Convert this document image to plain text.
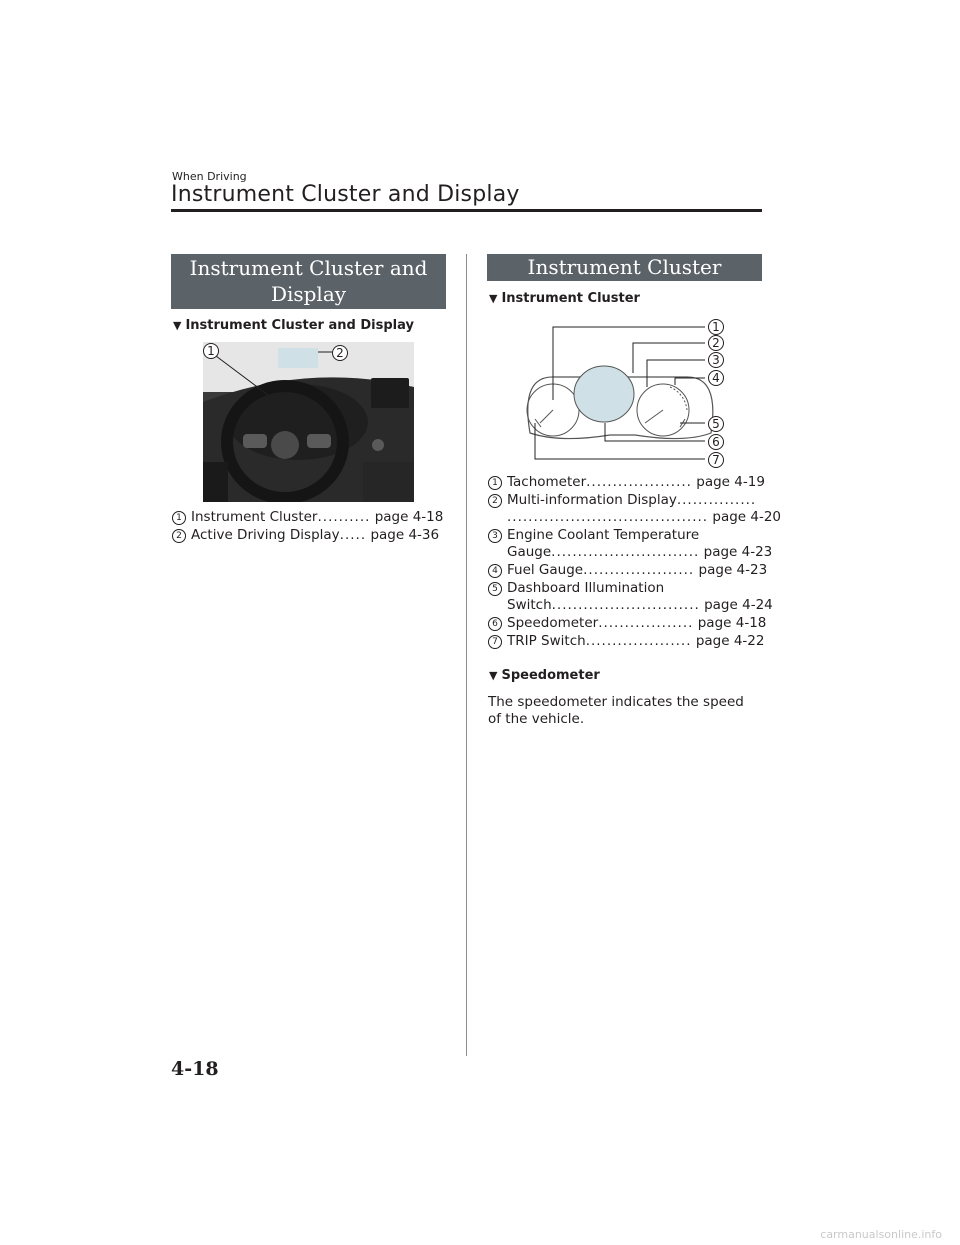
When Driving
Instrument Cluster and Display
Instrument Cluster and Display
▼ Instrument Cluster and Display
1	2
1 Instrument Cluster.......... page 4-18
2 Active Driving Display..... page 4-36
Instrument Cluster
▼ Instrument Cluster
1
2
3
4
5
6
7
1 Tachometer.................... page 4-19
2 Multi-information Display...............
...................................... page 4-20
3 Engine Coolant Temperature
Gauge............................ page 4-23
4 Fuel Gauge..................... page 4-23
5 Dashboard Illumination
Switch............................ page 4-24
6 Speedometer.................. page 4-18
7 TRIP Switch.................... page 4-22
▼ Speedometer
The speedometer indicates the speed of the vehicle.
4-18
carmanualsonline.info
